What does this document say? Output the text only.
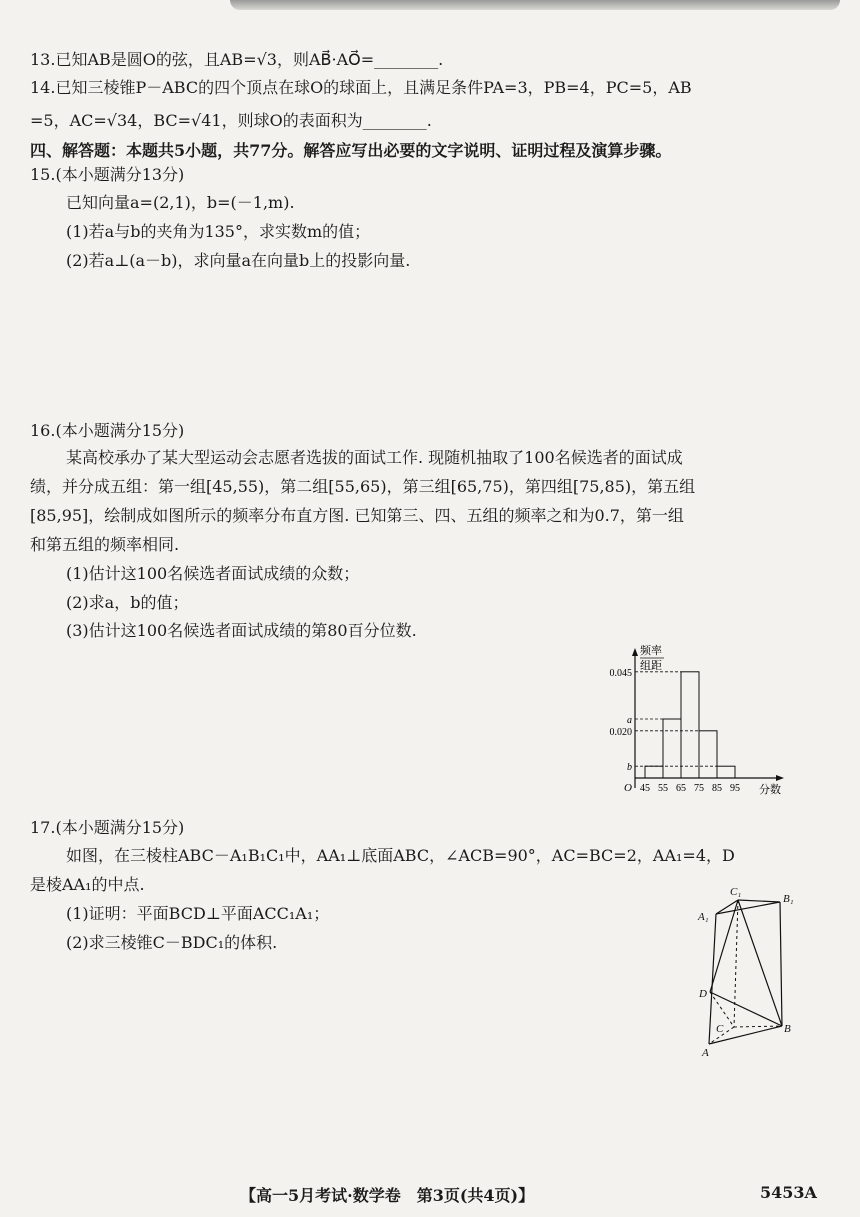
13.已知AB是圆O的弦，且AB=√3，则AB⃗·AO⃗=________.
14.已知三棱锥P－ABC的四个顶点在球O的球面上，且满足条件PA=3，PB=4，PC=5，AB
=5，AC=√34，BC=√41，则球O的表面积为________.
四、解答题：本题共5小题，共77分。解答应写出必要的文字说明、证明过程及演算步骤。
15.(本小题满分13分)
已知向量a=(2,1)，b=(－1,m).
(1)若a与b的夹角为135°，求实数m的值；
(2)若a⊥(a－b)，求向量a在向量b上的投影向量.
16.(本小题满分15分)
某高校承办了某大型运动会志愿者选拔的面试工作. 现随机抽取了100名候选者的面试成
绩，并分成五组：第一组[45,55)，第二组[55,65)，第三组[65,75)，第四组[75,85)，第五组
[85,95]，绘制成如图所示的频率分布直方图. 已知第三、四、五组的频率之和为0.7，第一组
和第五组的频率相同.
(1)估计这100名候选者面试成绩的众数；
(2)求a，b的值；
(3)估计这100名候选者面试成绩的第80百分位数.
频率
组距
O
b
a
0.045
0.020
45 55 65 75 85 95 分数
17.(本小题满分15分)
如图，在三棱柱ABC－A₁B₁C₁中，AA₁⊥底面ABC，∠ACB=90°，AC=BC=2，AA₁=4，D
是棱AA₁的中点.
(1)证明：平面BCD⊥平面ACC₁A₁；
(2)求三棱锥C－BDC₁的体积.
C₁
B₁
A₁
D
C	B
A
【高一5月考试·数学卷　第3页(共4页)】	5453A
